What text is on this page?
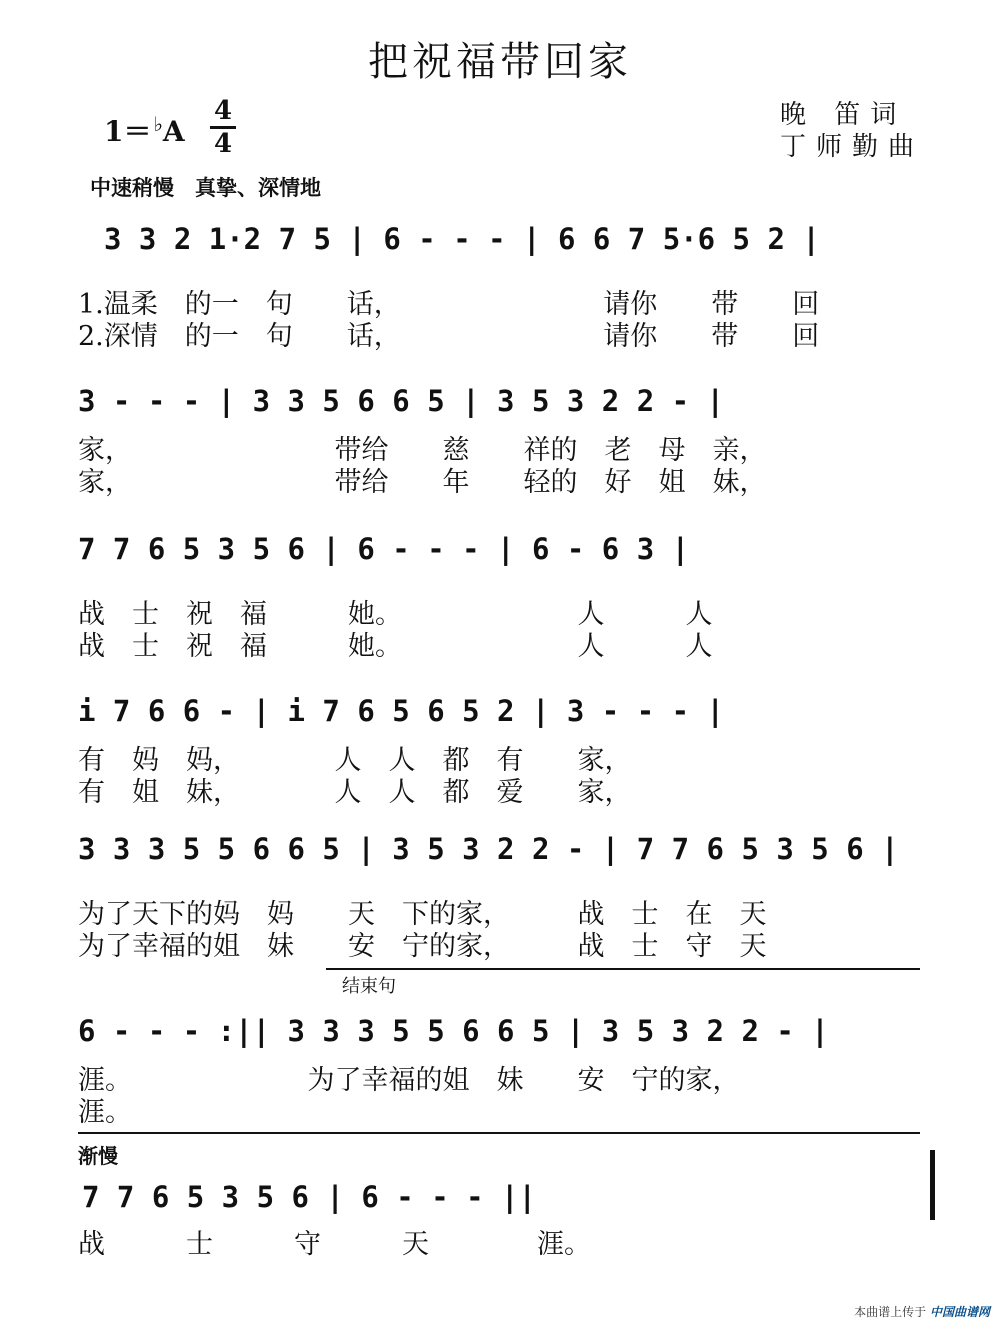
把祝福带回家
1＝ ♭A
4
4
晚 笛词
丁师勤曲
中速稍慢　真挚、深情地
3 3 2 1·2 7 5 | 6 - - - | 6 6 7 5·6 5 2 |
1.温柔　的一　句　　话，　　　　　　　　请你　　带　　回
2.深情　的一　句　　话，　　　　　　　　请你　　带　　回
3 - - - | 3 3 5 6 6 5 | 3 5 3 2 2 - |
家，　　　　　　　　带给　　慈　　祥的　老　母　亲，
家，　　　　　　　　带给　　年　　轻的　好　姐　妹，
7 7 6 5 3 5 6 | 6 - - - | 6 - 6 3 |
战　士　祝　福　　　她。　　　　　　　人　　　人
战　士　祝　福　　　她。　　　　　　　人　　　人
i 7 6 6 - | i 7 6 5 6 5 2 | 3 - - - |
有　妈　妈，　　　　人　人　都　有　　家，
有　姐　妹，　　　　人　人　都　爱　　家，
3 3 3 5 5 6 6 5 | 3 5 3 2 2 - | 7 7 6 5 3 5 6 |
为了天下的妈　妈　　天　下的家，　　　战　士　在　天
为了幸福的姐　妹　　安　宁的家，　　　战　士　守　天
结束句
6 - - - :|| 3 3 3 5 5 6 6 5 | 3 5 3 2 2 - |
涯。　　　　　　　为了幸福的姐　妹　　安　宁的家，
涯。
渐慢
7 7 6 5 3 5 6 | 6 - - - ||
战　　　士　　　守　　　天　　　　涯。
本曲谱上传于 中国曲谱网
